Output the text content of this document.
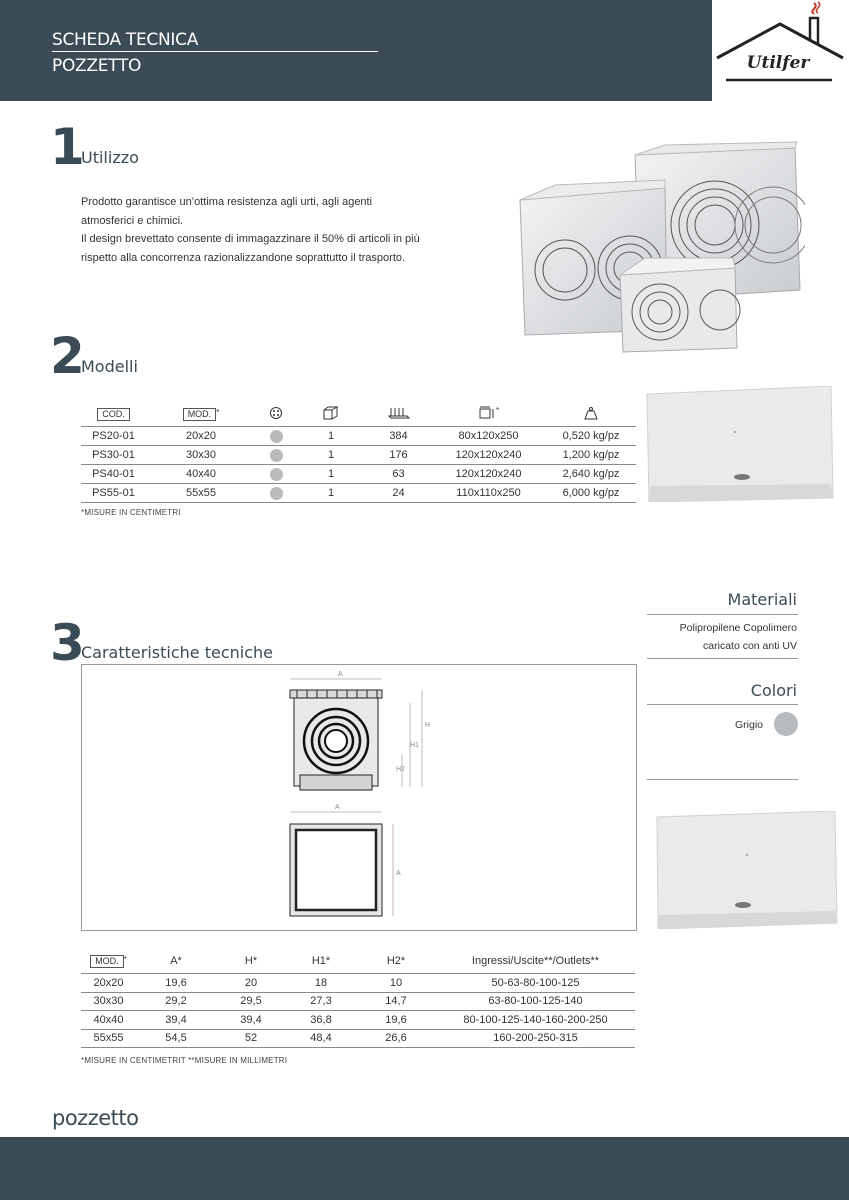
SCHEDA TECNICA
POZZETTO	Utilfer
1
Utilizzo

Prodotto garantisce un’ottima resistenza agli urti, agli agenti

atmosferici e chimici.

Il design brevettato consente di immagazzinare il 50% di articoli in più

rispetto alla concorrenza razionalizzandone soprattutto il trasporto.

2
Modelli
COD.	MOD. *				*	
PS20-01	20x20		1	384	80x120x250	0,520 kg/pz
PS30-01	30x30		1	176	120x120x240	1,200 kg/pz
PS40-01	40x40		1	63	120x120x240	2,640 kg/pz
PS55-01	55x55		1	24	110x110x250	6,000 kg/pz
*MISURE IN CENTIMETRI
3
Caratteristiche tecniche
Materiali
Polipropilene Copolimero
caricato con anti UV
Colori
Grigio
A
H
H1
H2
A
A
MOD. *	A*	H*	H1*	H2*	Ingressi/Uscite**/Outlets**
20x20	19,6	20	18	10	50-63-80-100-125
30x30	29,2	29,5	27,3	14,7	63-80-100-125-140
40x40	39,4	39,4	36,8	19,6	80-100-125-140-160-200-250
55x55	54,5	52	48,4	26,6	160-200-250-315
*MISURE IN CENTIMETRIT **MISURE IN MILLIMETRI
pozzetto
